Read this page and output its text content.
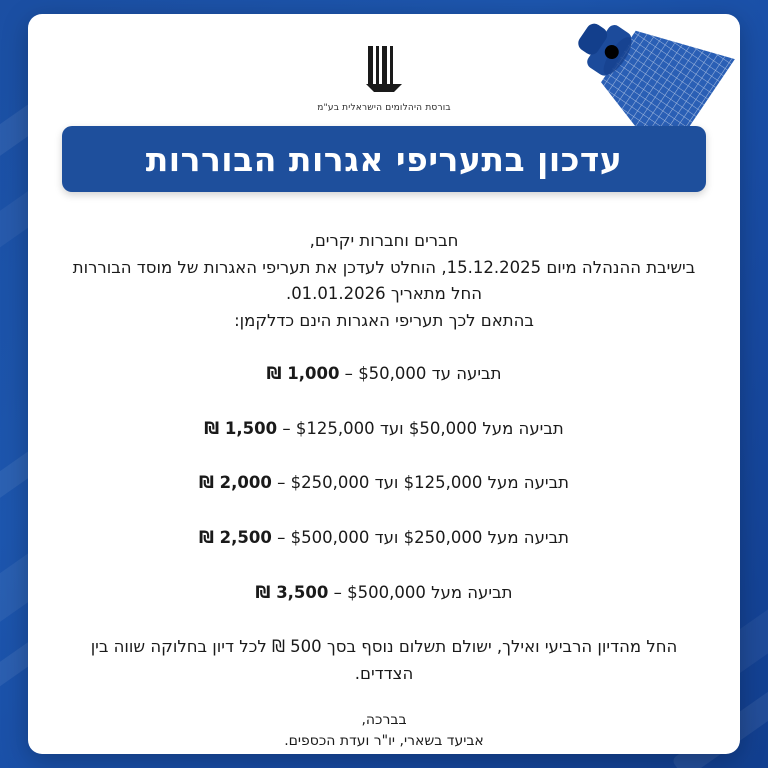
בורסת היהלומים הישראלית בע"מ
עדכון בתעריפי אגרות הבוררות

חברים וחברות יקרים,

בישיבת ההנהלה מיום 15.12.2025, הוחלט לעדכן את תעריפי האגרות של מוסד הבוררות החל מתאריך 01.01.2026.

בהתאם לכך תעריפי האגרות הינם כדלקמן:

תביעה עד $50,000 – 1,000 ₪

תביעה מעל $50,000 ועד $125,000 – 1,500 ₪

תביעה מעל $125,000 ועד $250,000 – 2,000 ₪

תביעה מעל $250,000 ועד $500,000 – 2,500 ₪

תביעה מעל $500,000 – 3,500 ₪

החל מהדיון הרביעי ואילך, ישולם תשלום נוסף בסך 500 ₪ לכל דיון בחלוקה שווה בין הצדדים.
בברכה,
אביעד בשארי, יו"ר ועדת הכספים.
